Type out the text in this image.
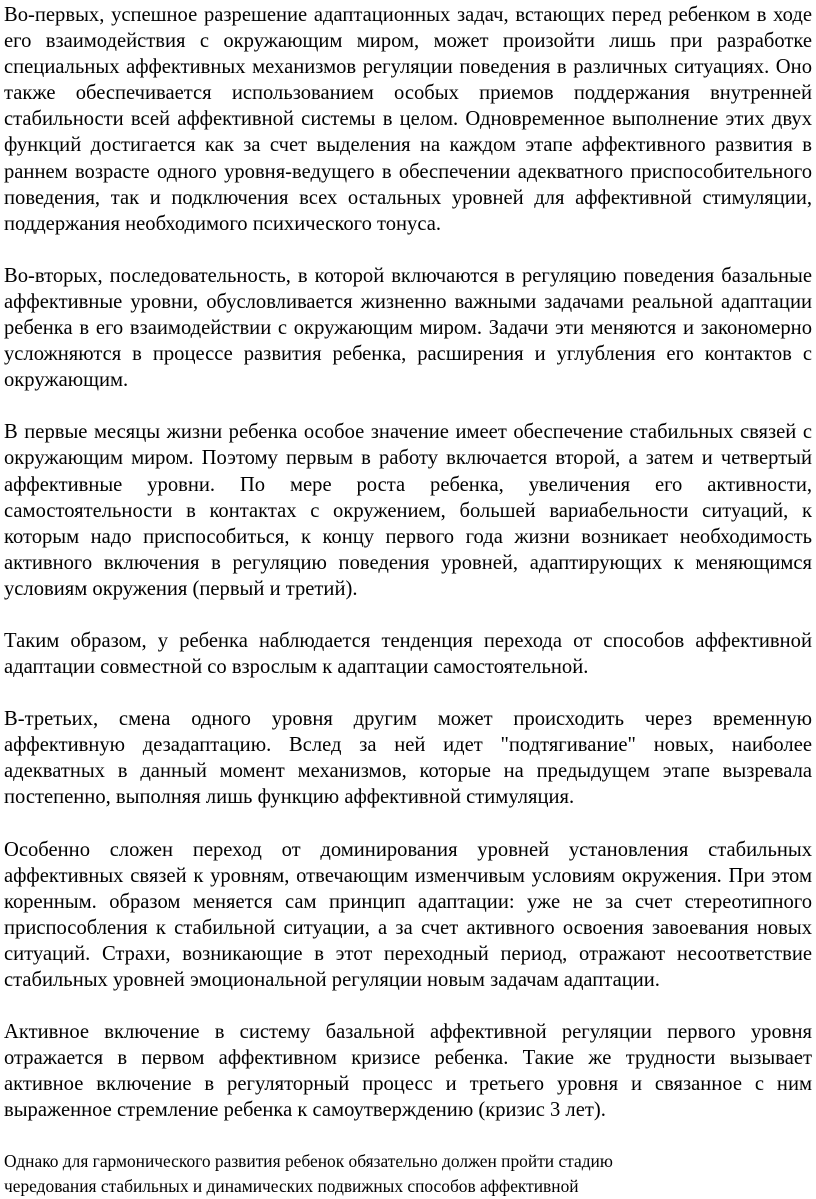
Во-первых, успешное разрешение адаптационных задач, встающих перед ребенком в ходе его взаимодействия с окружающим миром, может произойти лишь при разработке специальных аффективных механизмов регуляции поведения в различных ситуациях. Оно также обеспечивается использованием особых приемов поддержания внутренней стабильности всей аффективной системы в целом. Одновременное выполнение этих двух функций достигается как за счет выделения на каждом этапе аффективного развития в раннем возрасте одного уровня-ведущего в обеспечении адекватного приспособительного поведения, так и подключения всех остальных уровней для аффективной стимуляции, поддержания необходимого психического тонуса.

Во-вторых, последовательность, в которой включаются в регуляцию поведения базальные аффективные уровни, обусловливается жизненно важными задачами реальной адаптации ребенка в его взаимодействии с окружающим миром. Задачи эти меняются и закономерно усложняются в процессе развития ребенка, расширения и углубления его контактов с окружающим.

В первые месяцы жизни ребенка особое значение имеет обеспечение стабильных связей с окружающим миром. Поэтому первым в работу включается второй, а затем и четвертый аффективные уровни. По мере роста ребенка, увеличения его активности, самостоятельности в контактах с окружением, большей вариабельности ситуаций, к которым надо приспособиться, к концу первого года жизни возникает необходимость активного включения в регуляцию поведения уровней, адаптирующих к меняющимся условиям окружения (первый и третий).

Таким образом, у ребенка наблюдается тенденция перехода от способов аффективной адаптации совместной со взрослым к адаптации самостоятельной.

В-третьих, смена одного уровня другим может происходить через временную аффективную дезадаптацию. Вслед за ней идет "подтягивание" новых, наиболее адекватных в данный момент механизмов, которые на предыдущем этапе вызревала постепенно, выполняя лишь функцию аффективной стимуляция.

Особенно сложен переход от доминирования уровней установления стабильных аффективных связей к уровням, отвечающим изменчивым условиям окружения. При этом коренным. образом меняется сам принцип адаптации: уже не за счет стереотипного приспособления к стабильной ситуации, а за счет активного освоения завоевания новых ситуаций. Страхи, возникающие в этот переходный период, отражают несоответствие стабильных уровней эмоциональной регуляции новым задачам адаптации.

Активное включение в систему базальной аффективной регуляции первого уровня отражается в первом аффективном кризисе ребенка. Такие же трудности вызывает активное включение в регуляторный процесс и третьего уровня и связанное с ним выраженное стремление ребенка к самоутверждению (кризис 3 лет).

Однако для гармонического развития ребенок обязательно должен пройти стадию
чередования стабильных и динамических подвижных способов аффективной
